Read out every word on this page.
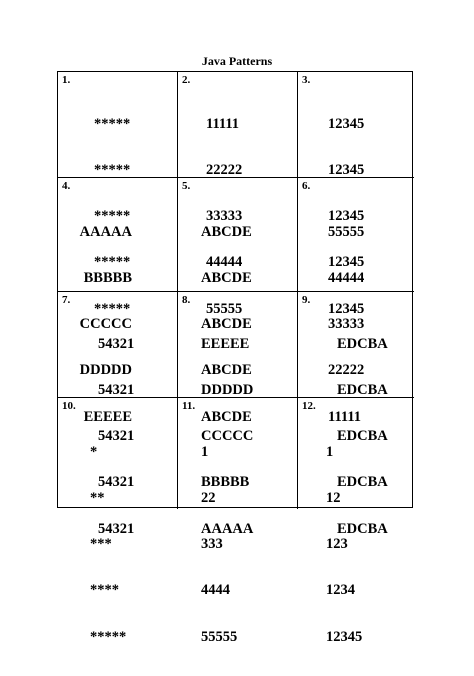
Java Patterns
1.

*****

*****

*****

*****

*****

2.

11111

22222

33333

44444

55555

3.

12345

12345

12345

12345

12345

4.

AAAAA

BBBBB

CCCCC

DDDDD

EEEEE

5.

ABCDE

ABCDE

ABCDE

ABCDE

ABCDE

6.

55555

44444

33333

22222

11111

7.

54321

54321

54321

54321

54321

8.

EEEEE

DDDDD

CCCCC

BBBBB

AAAAA

9.

EDCBA

EDCBA

EDCBA

EDCBA

EDCBA

10.

*

**

***

****

*****

11.

1

22

333

4444

55555

12.

1

12

123

1234

12345
